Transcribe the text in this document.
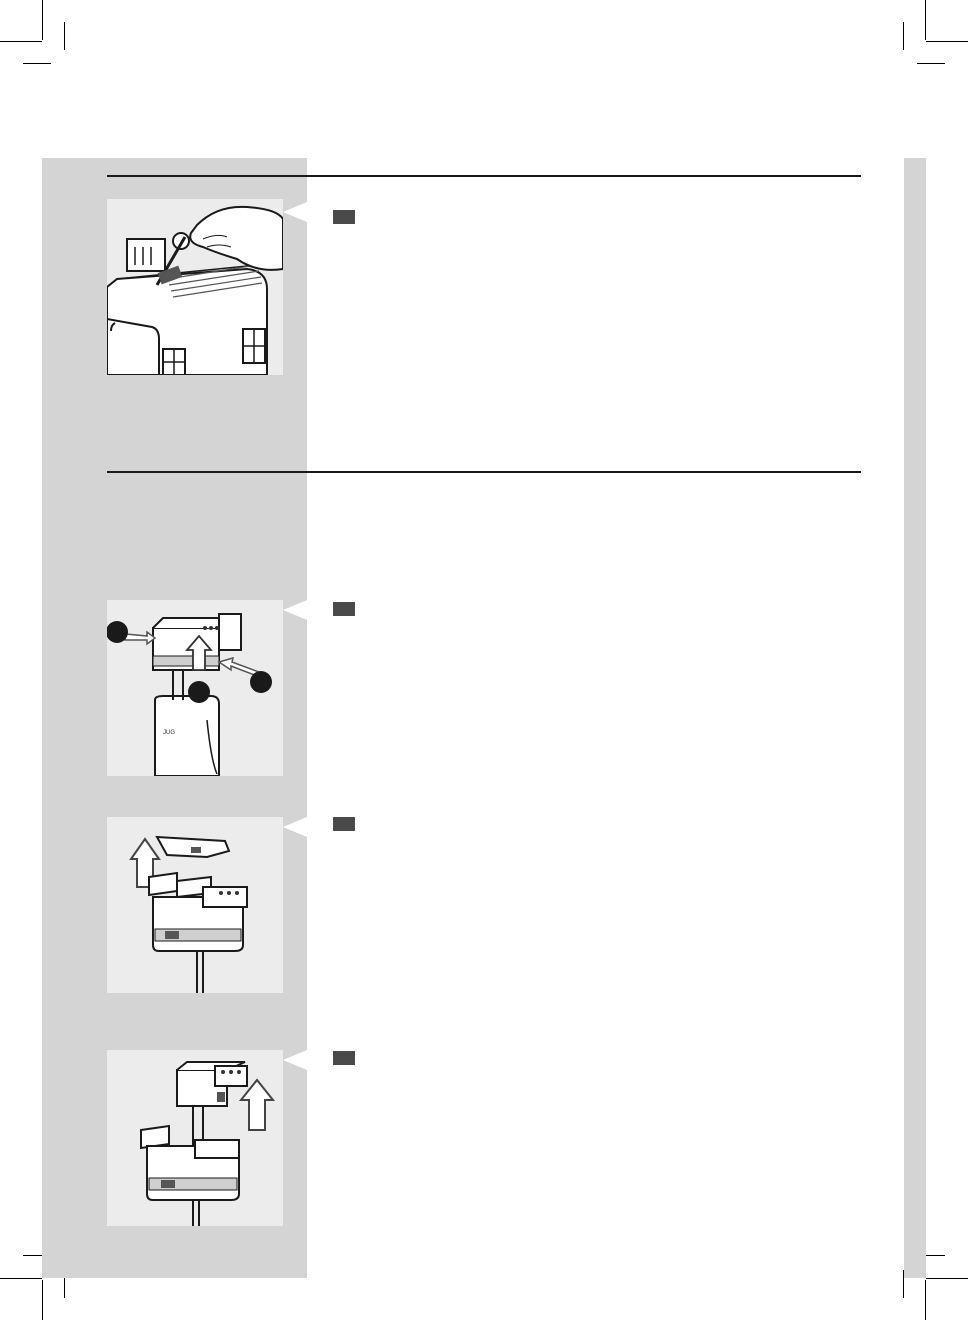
JUG
